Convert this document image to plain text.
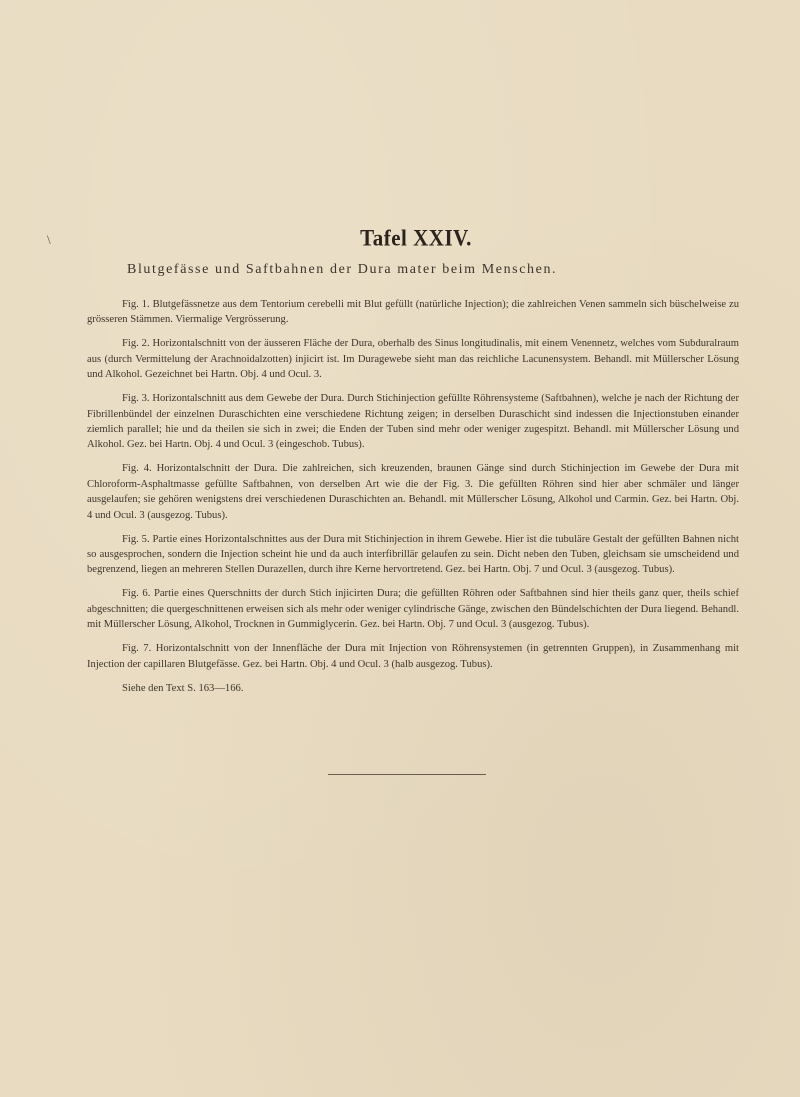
\	Tafel XXIV.
Blutgefässe und Saftbahnen der Dura mater beim Menschen.

Fig. 1. Blutgefässnetze aus dem Tentorium cerebelli mit Blut gefüllt (natürliche Injection); die zahlreichen Venen sammeln sich büschelweise zu grösseren Stämmen. Viermalige Vergrösserung.

Fig. 2. Horizontalschnitt von der äusseren Fläche der Dura, oberhalb des Sinus longitudinalis, mit einem Venennetz, welches vom Subduralraum aus (durch Vermittelung der Arachnoidalzotten) injicirt ist. Im Duragewebe sieht man das reichliche Lacunensystem. Behandl. mit Müllerscher Lösung und Alkohol. Gezeichnet bei Hartn. Obj. 4 und Ocul. 3.

Fig. 3. Horizontalschnitt aus dem Gewebe der Dura. Durch Stichinjection gefüllte Röhrensysteme (Saftbahnen), welche je nach der Richtung der Fibrillenbündel der einzelnen Duraschichten eine verschiedene Richtung zeigen; in derselben Duraschicht sind indessen die Injectionstuben einander ziemlich parallel; hie und da theilen sie sich in zwei; die Enden der Tuben sind mehr oder weniger zugespitzt. Behandl. mit Müllerscher Lösung und Alkohol. Gez. bei Hartn. Obj. 4 und Ocul. 3 (eingeschob. Tubus).

Fig. 4. Horizontalschnitt der Dura. Die zahlreichen, sich kreuzenden, braunen Gänge sind durch Stichinjection im Gewebe der Dura mit Chloroform-Asphaltmasse gefüllte Saftbahnen, von derselben Art wie die der Fig. 3. Die gefüllten Röhren sind hier aber schmäler und länger ausgelaufen; sie gehören wenigstens drei verschiedenen Duraschichten an. Behandl. mit Müllerscher Lösung, Alkohol und Carmin. Gez. bei Hartn. Obj. 4 und Ocul. 3 (ausgezog. Tubus).

Fig. 5. Partie eines Horizontalschnittes aus der Dura mit Stichinjection in ihrem Gewebe. Hier ist die tubuläre Gestalt der gefüllten Bahnen nicht so ausgesprochen, sondern die Injection scheint hie und da auch interfibrillär gelaufen zu sein. Dicht neben den Tuben, gleichsam sie umscheidend und begrenzend, liegen an mehreren Stellen Durazellen, durch ihre Kerne hervortretend. Gez. bei Hartn. Obj. 7 und Ocul. 3 (ausgezog. Tubus).

Fig. 6. Partie eines Querschnitts der durch Stich injicirten Dura; die gefüllten Röhren oder Saftbahnen sind hier theils ganz quer, theils schief abgeschnitten; die quergeschnittenen erweisen sich als mehr oder weniger cylindrische Gänge, zwischen den Bündelschichten der Dura liegend. Behandl. mit Müllerscher Lösung, Alkohol, Trocknen in Gummiglycerin. Gez. bei Hartn. Obj. 7 und Ocul. 3 (ausgezog. Tubus).

Fig. 7. Horizontalschnitt von der Innenfläche der Dura mit Injection von Röhrensystemen (in getrennten Gruppen), in Zusammenhang mit Injection der capillaren Blutgefässe. Gez. bei Hartn. Obj. 4 und Ocul. 3 (halb ausgezog. Tubus).

Siehe den Text S. 163—166.
